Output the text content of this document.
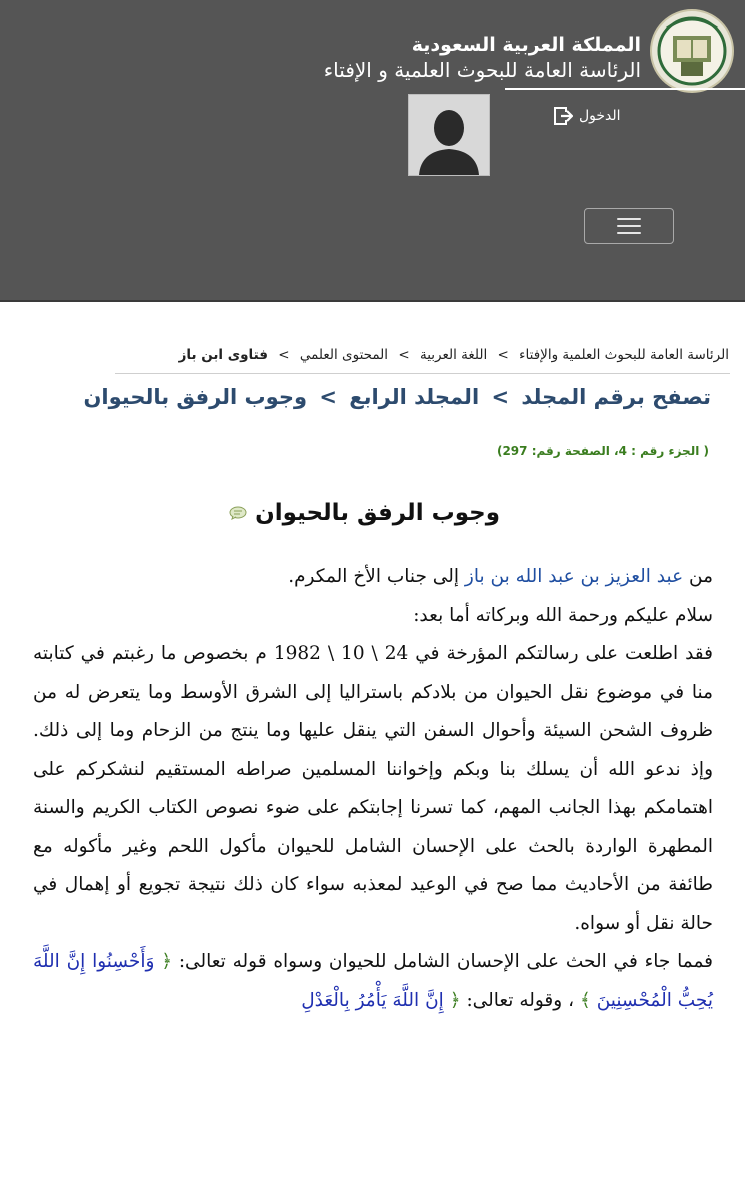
المملكة العربية السعودية
الرئاسة العامة للبحوث العلمية و الإفتاء
الدخول
الرئاسة العامة للبحوث العلمية والإفتاء > اللغة العربية > المحتوى العلمي > فتاوى ابن باز
تصفح برقم المجلد > المجلد الرابع > وجوب الرفق بالحيوان
( الجزء رقم : 4، الصفحة رقم: 297)
وجوب الرفق بالحيوان

من عبد العزيز بن عبد الله بن باز إلى جناب الأخ المكرم.

سلام عليكم ورحمة الله وبركاته أما بعد:

فقد اطلعت على رسالتكم المؤرخة في 24 \ 10 \ 1982 م بخصوص ما رغبتم في كتابته منا في موضوع نقل الحيوان من بلادكم باستراليا إلى الشرق الأوسط وما يتعرض له من ظروف الشحن السيئة وأحوال السفن التي ينقل عليها وما ينتج من الزحام وما إلى ذلك. وإذ ندعو الله أن يسلك بنا وبكم وإخواننا المسلمين صراطه المستقيم لنشكركم على اهتمامكم بهذا الجانب المهم، كما تسرنا إجابتكم على ضوء نصوص الكتاب الكريم والسنة المطهرة الواردة بالحث على الإحسان الشامل للحيوان مأكول اللحم وغير مأكوله مع طائفة من الأحاديث مما صح في الوعيد لمعذبه سواء كان ذلك نتيجة تجويع أو إهمال في حالة نقل أو سواه.

فمما جاء في الحث على الإحسان الشامل للحيوان وسواه قوله تعالى: ﴿ وَأَحْسِنُوا إِنَّ اللَّهَ يُحِبُّ الْمُحْسِنِينَ ﴾ ، وقوله تعالى: ﴿ إِنَّ اللَّهَ يَأْمُرُ بِالْعَدْلِ
